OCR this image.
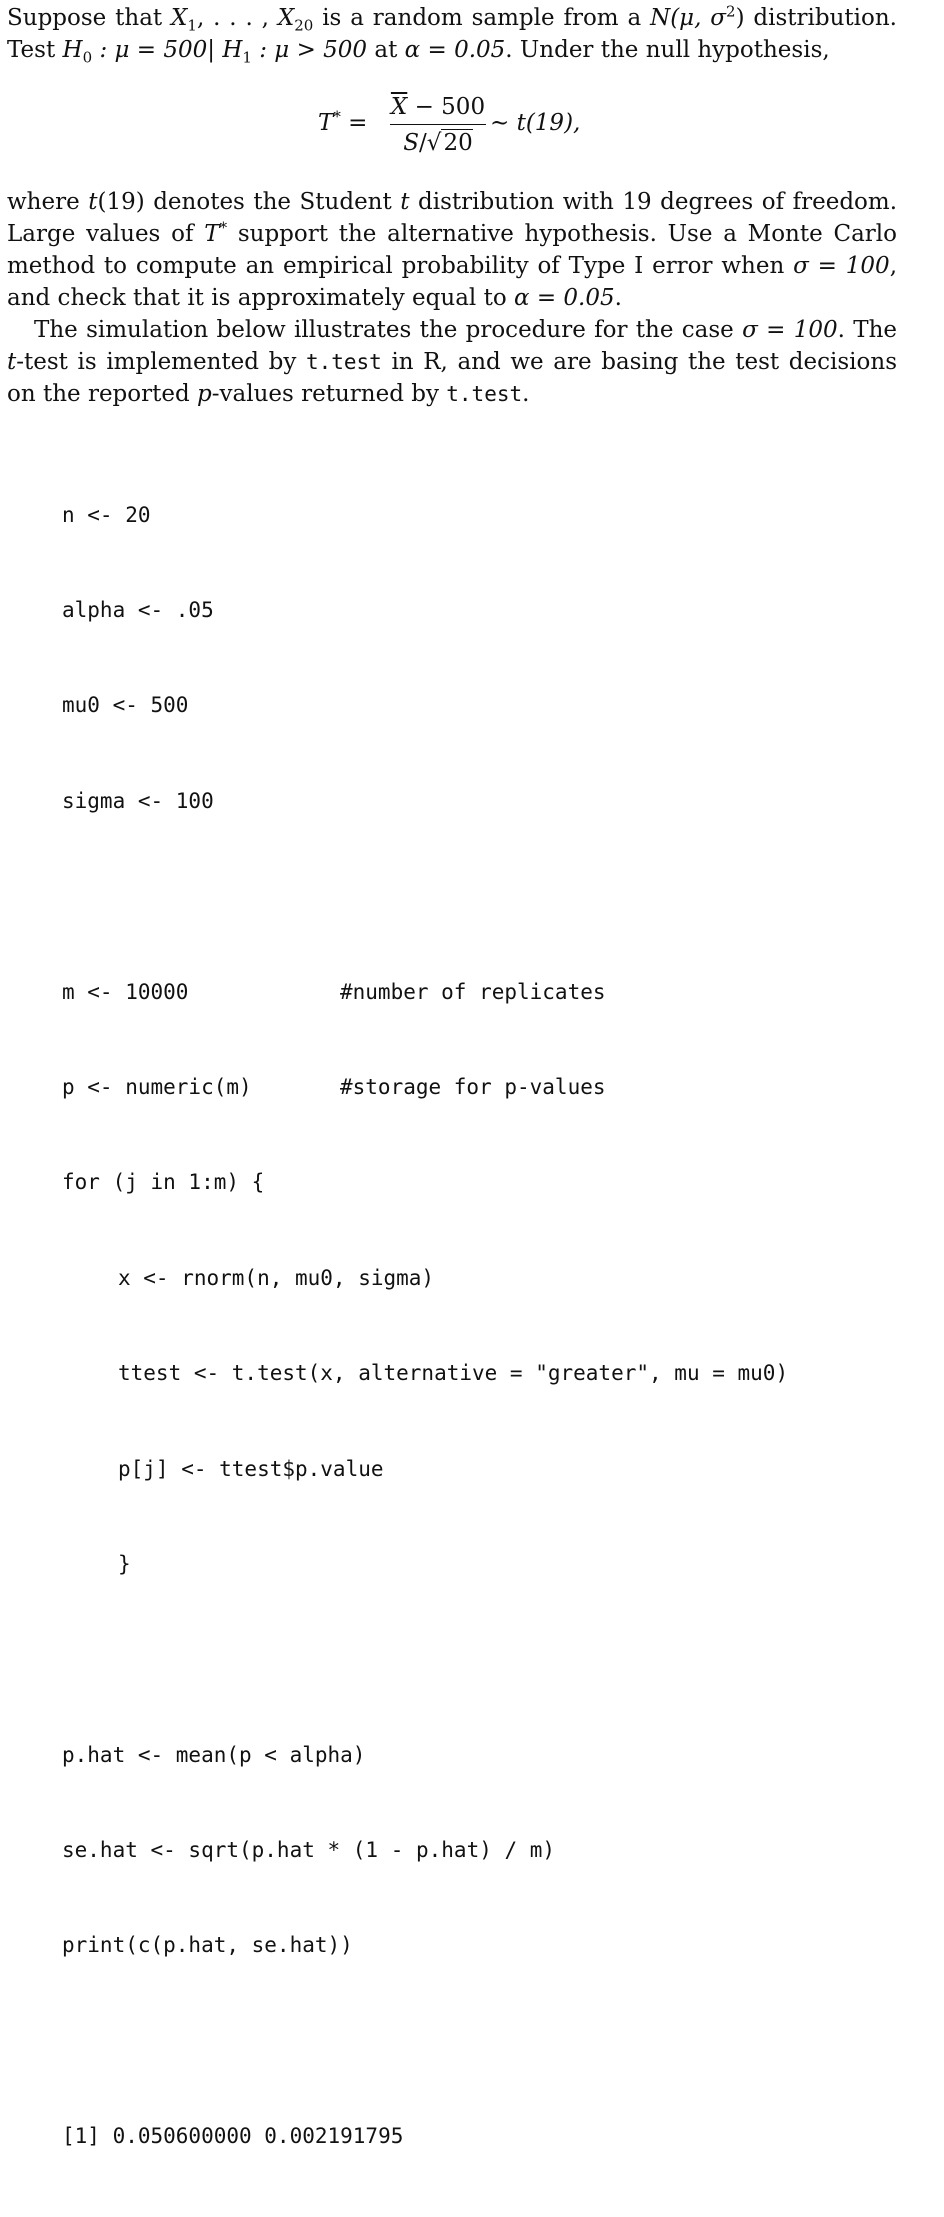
Suppose that $X_1$, . . . , $X_{20}$ is a random sample from a N(μ, $\sigma^2$) distribution. Test $H_0$ : μ = 500| $H_1$ : μ > 500 at α = 0.05. Under the null hypothesis,

T* =
$\overline{X} - 500$
S/√20
∼ t(19),

where t(19) denotes the Student t distribution with 19 degrees of freedom. Large values of T* support the alternative hypothesis. Use a Monte Carlo method to compute an empirical probability of Type I error when σ = 100, and check that it is approximately equal to α = 0.05.

The simulation below illustrates the procedure for the case σ = 100. The t-test is implemented by t.test in R, and we are basing the test decisions on the reported p-values returned by t.test.

n <- 20

alpha <- .05

mu0 <- 500

sigma <- 100

m <- 10000	#number of replicates

p <- numeric(m)	#storage for p-values

for (j in 1:m) {

x <- rnorm(n, mu0, sigma)

ttest <- t.test(x, alternative = "greater", mu = mu0)

p[j] <- ttest$p.value

}

p.hat <- mean(p < alpha)

se.hat <- sqrt(p.hat * (1 - p.hat) / m)

print(c(p.hat, se.hat))

[1] 0.050600000 0.002191795
